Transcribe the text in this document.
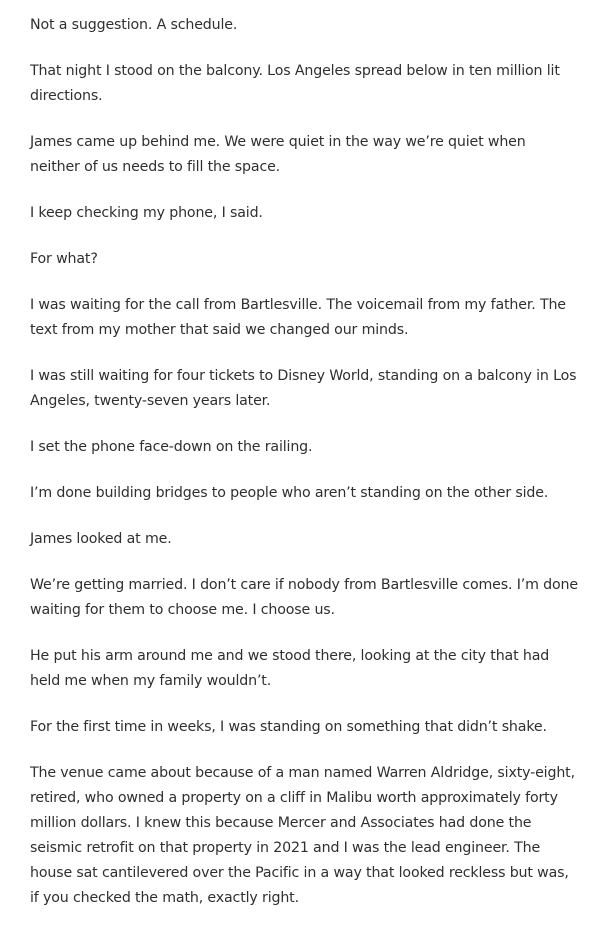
Not a suggestion. A schedule.

That night I stood on the balcony. Los Angeles spread below in ten million lit directions.

James came up behind me. We were quiet in the way we’re quiet when neither of us needs to fill the space.

I keep checking my phone, I said.

For what?

I was waiting for the call from Bartlesville. The voicemail from my father. The text from my mother that said we changed our minds.

I was still waiting for four tickets to Disney World, standing on a balcony in Los Angeles, twenty-seven years later.

I set the phone face-down on the railing.

I’m done building bridges to people who aren’t standing on the other side.

James looked at me.

We’re getting married. I don’t care if nobody from Bartlesville comes. I’m done waiting for them to choose me. I choose us.

He put his arm around me and we stood there, looking at the city that had held me when my family wouldn’t.

For the first time in weeks, I was standing on something that didn’t shake.

The venue came about because of a man named Warren Aldridge, sixty-eight, retired, who owned a property on a cliff in Malibu worth approximately forty million dollars. I knew this because Mercer and Associates had done the seismic retrofit on that property in 2021 and I was the lead engineer. The house sat cantilevered over the Pacific in a way that looked reckless but was, if you checked the math, exactly right.
